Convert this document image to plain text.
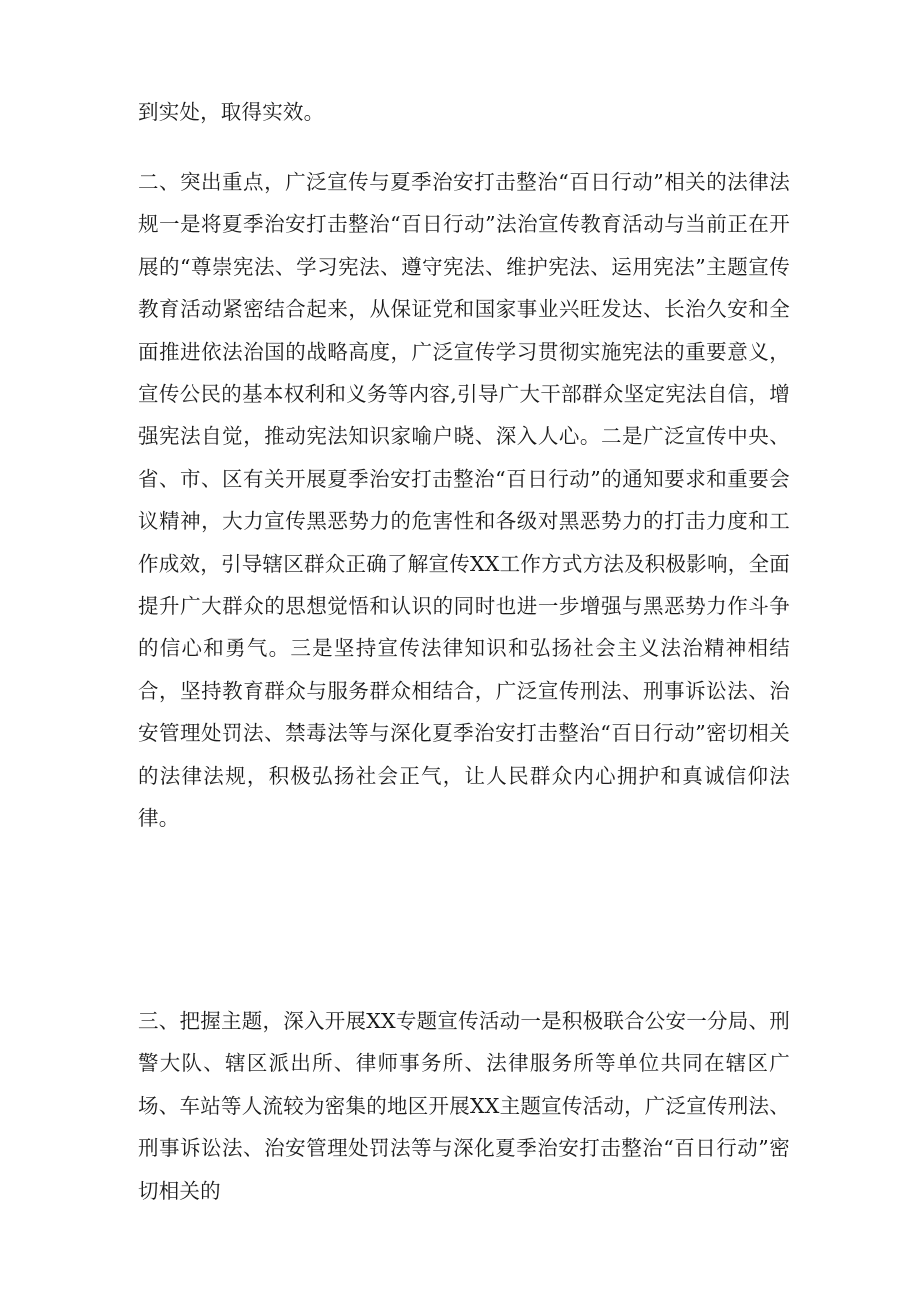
到实处，取得实效。

二、突出重点，广泛宣传与夏季治安打击整治“百日行动”相关的法律法规一是将夏季治安打击整治“百日行动”法治宣传教育活动与当前正在开展的“尊崇宪法、学习宪法、遵守宪法、维护宪法、运用宪法”主题宣传教育活动紧密结合起来，从保证党和国家事业兴旺发达、长治久安和全面推进依法治国的战略高度，广泛宣传学习贯彻实施宪法的重要意义，宣传公民的基本权利和义务等内容,引导广大干部群众坚定宪法自信，增强宪法自觉，推动宪法知识家喻户晓、深入人心。二是广泛宣传中央、省、市、区有关开展夏季治安打击整治“百日行动”的通知要求和重要会议精神，大力宣传黑恶势力的危害性和各级对黑恶势力的打击力度和工作成效，引导辖区群众正确了解宣传XX工作方式方法及积极影响，全面提升广大群众的思想觉悟和认识的同时也进一步增强与黑恶势力作斗争的信心和勇气。三是坚持宣传法律知识和弘扬社会主义法治精神相结合，坚持教育群众与服务群众相结合，广泛宣传刑法、刑事诉讼法、治安管理处罚法、禁毒法等与深化夏季治安打击整治“百日行动”密切相关的法律法规，积极弘扬社会正气，让人民群众内心拥护和真诚信仰法律。

三、把握主题，深入开展XX专题宣传活动一是积极联合公安一分局、刑警大队、辖区派出所、律师事务所、法律服务所等单位共同在辖区广场、车站等人流较为密集的地区开展XX主题宣传活动，广泛宣传刑法、刑事诉讼法、治安管理处罚法等与深化夏季治安打击整治“百日行动”密切相关的
